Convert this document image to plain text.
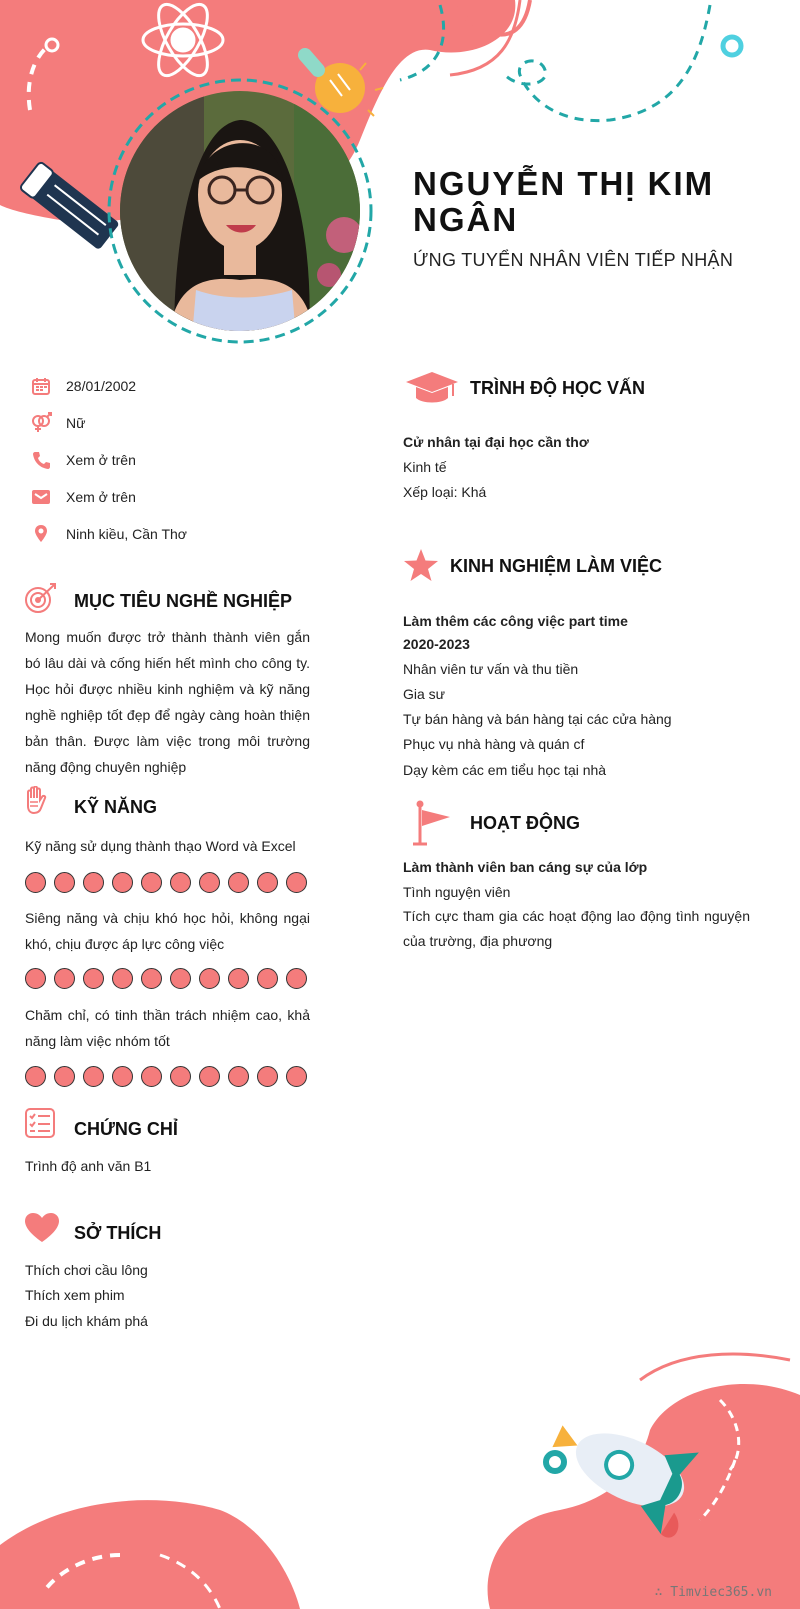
NGUYỄN THỊ KIM NGÂN
ỨNG TUYỂN NHÂN VIÊN TIẾP NHẬN
28/01/2002
Nữ
Xem ở trên
Xem ở trên
Ninh kiều, Cần Thơ
MỤC TIÊU NGHỀ NGHIỆP
Mong muốn được trở thành thành viên gắn bó lâu dài và cống hiến hết mình cho công ty. Học hỏi được nhiều kinh nghiệm và kỹ năng nghề nghiệp tốt đẹp để ngày càng hoàn thiện bản thân. Được làm việc trong môi trường năng động chuyên nghiệp
KỸ NĂNG
Kỹ năng sử dụng thành thạo Word và Excel
Siêng năng và chịu khó học hỏi, không ngại khó, chịu được áp lực công việc
Chăm chỉ, có tinh thần trách nhiệm cao, khả năng làm việc nhóm tốt
CHỨNG CHỈ
Trình độ anh văn B1
SỞ THÍCH
Thích chơi cầu lông
Thích xem phim
Đi du lịch khám phá
TRÌNH ĐỘ HỌC VẤN
Cử nhân tại đại học cần thơ
Kinh tế
Xếp loại: Khá
KINH NGHIỆM LÀM VIỆC
Làm thêm các công việc part time
2020-2023
Nhân viên tư vấn và thu tiền
Gia sư
Tự bán hàng và bán hàng tại các cửa hàng
Phục vụ nhà hàng và quán cf
Dạy kèm các em tiểu học tại nhà
HOẠT ĐỘNG
Làm thành viên ban cáng sự của lớp
Tình nguyện viên
Tích cực tham gia các hoạt động lao động tình nguyện của trường, địa phương
∴ Timviec365.vn
